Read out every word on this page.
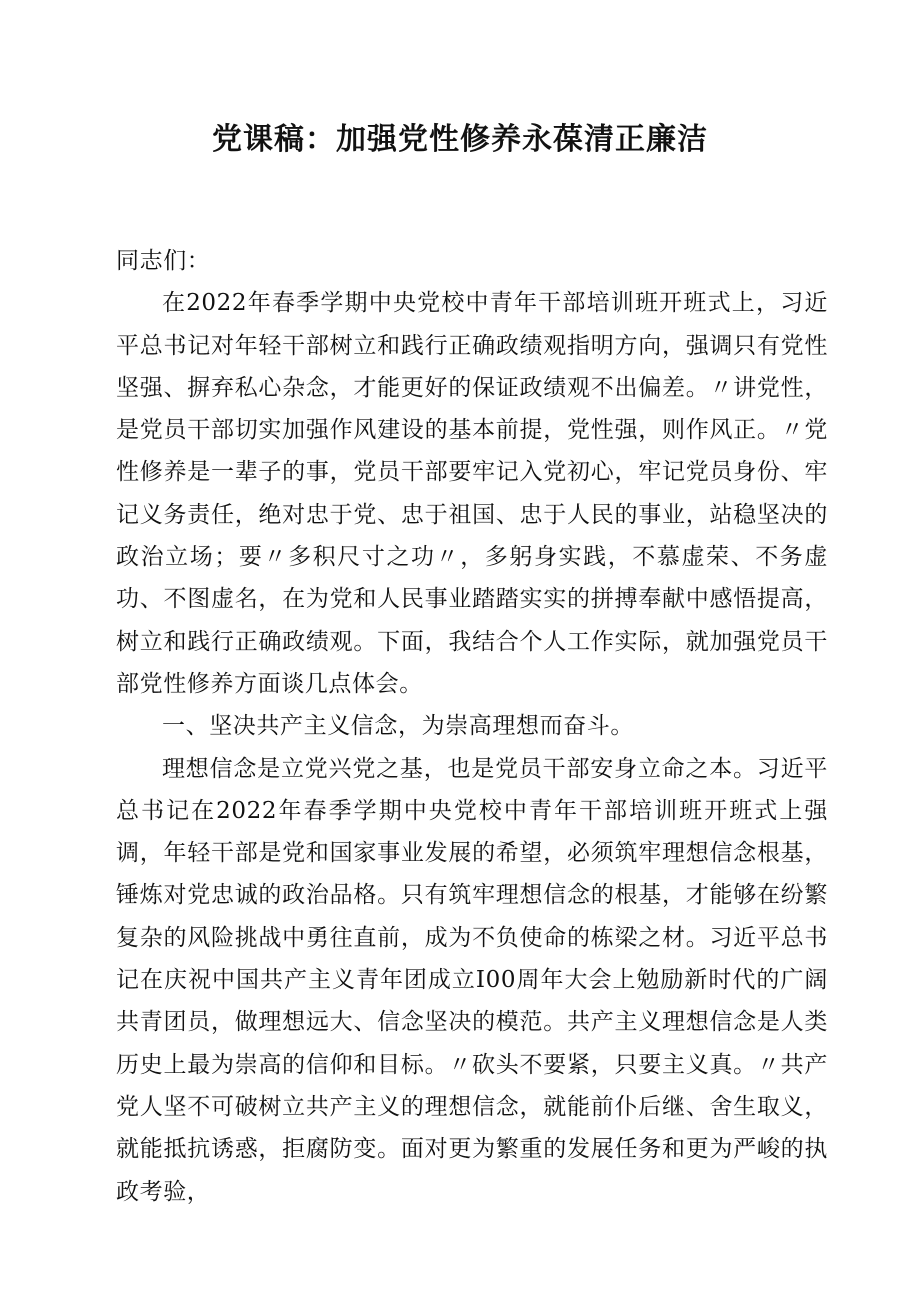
党课稿：加强党性修养永葆清正廉洁

同志们：

在2022年春季学期中央党校中青年干部培训班开班式上，习近平总书记对年轻干部树立和践行正确政绩观指明方向，强调只有党性坚强、摒弃私心杂念，才能更好的保证政绩观不出偏差。〃讲党性，是党员干部切实加强作风建设的基本前提，党性强，则作风正。〃党性修养是一辈子的事，党员干部要牢记入党初心，牢记党员身份、牢记义务责任，绝对忠于党、忠于祖国、忠于人民的事业，站稳坚决的政治立场；要〃多积尺寸之功〃，多躬身实践，不慕虚荣、不务虚功、不图虚名，在为党和人民事业踏踏实实的拼搏奉献中感悟提高，树立和践行正确政绩观。下面，我结合个人工作实际，就加强党员干部党性修养方面谈几点体会。

一、坚决共产主义信念，为崇高理想而奋斗。

理想信念是立党兴党之基，也是党员干部安身立命之本。习近平总书记在2022年春季学期中央党校中青年干部培训班开班式上强调，年轻干部是党和国家事业发展的希望，必须筑牢理想信念根基，锤炼对党忠诚的政治品格。只有筑牢理想信念的根基，才能够在纷繁复杂的风险挑战中勇往直前，成为不负使命的栋梁之材。习近平总书记在庆祝中国共产主义青年团成立I00周年大会上勉励新时代的广阔共青团员，做理想远大、信念坚决的模范。共产主义理想信念是人类历史上最为崇高的信仰和目标。〃砍头不要紧，只要主义真。〃共产党人坚不可破树立共产主义的理想信念，就能前仆后继、舍生取义，就能抵抗诱惑，拒腐防变。面对更为繁重的发展任务和更为严峻的执政考验，
